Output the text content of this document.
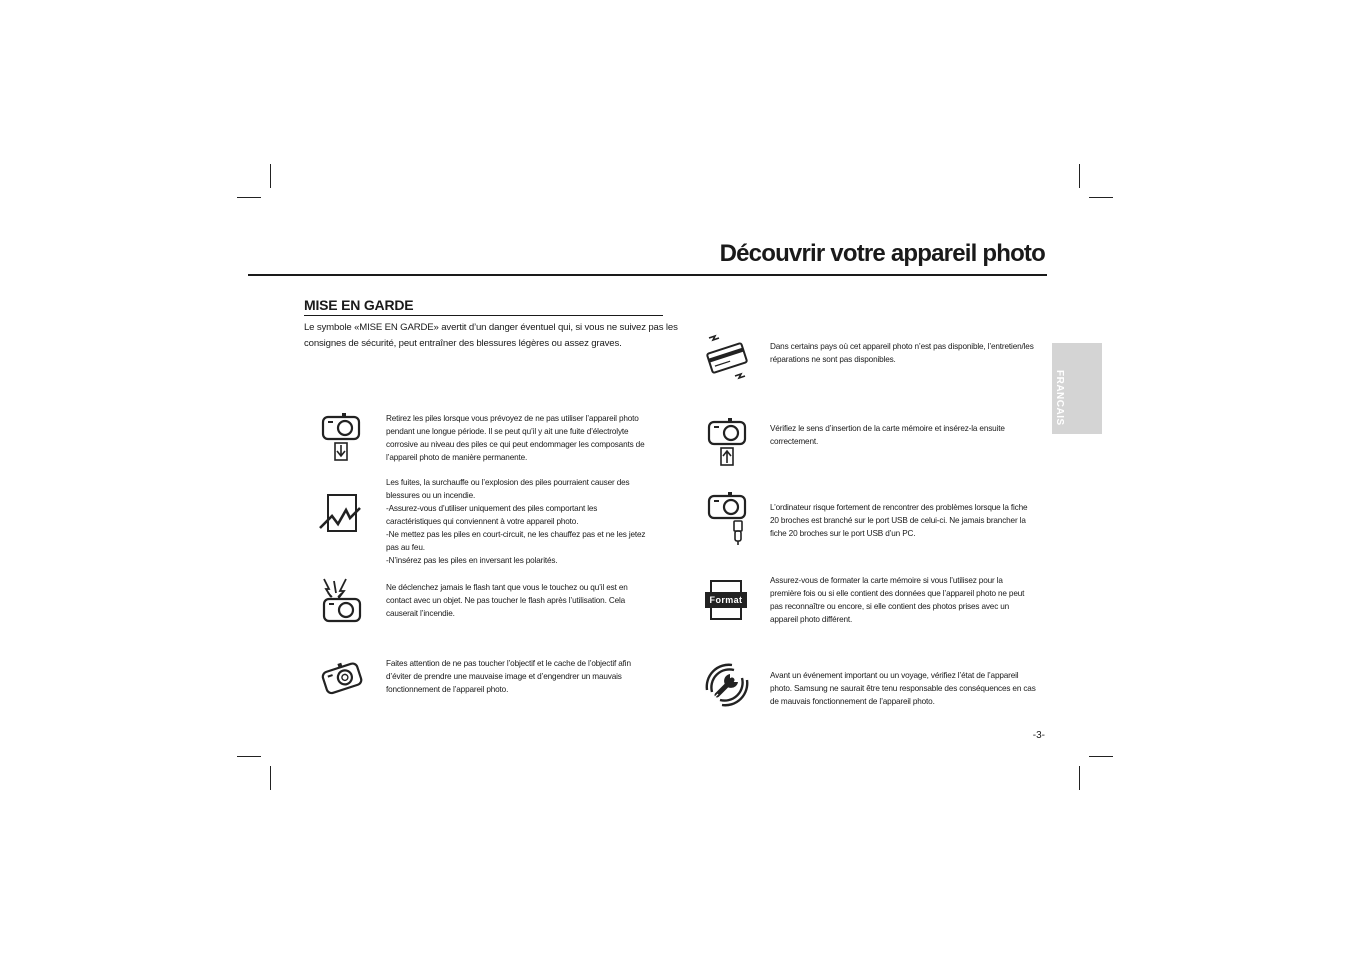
Découvrir votre appareil photo
FRANCAIS
MISE EN GARDE
Le symbole «MISE EN GARDE» avertit d’un danger éventuel qui, si vous ne suivez pas les consignes de sécurité, peut entraîner des blessures légères ou assez graves.
Retirez les piles lorsque vous prévoyez de ne pas utiliser l’appareil photo
pendant une longue période. Il se peut qu’il y ait une fuite d’électrolyte
corrosive au niveau des piles ce qui peut endommager les composants de
l’appareil photo de manière permanente.
Les fuites, la surchauffe ou l’explosion des piles pourraient causer des
blessures ou un incendie.
-Assurez-vous d’utiliser uniquement des piles comportant les
caractéristiques qui conviennent à votre appareil photo.
-Ne mettez pas les piles en court-circuit, ne les chauffez pas et ne les jetez
pas au feu.
-N’insérez pas les piles en inversant les polarités.
Ne déclenchez jamais le flash tant que vous le touchez ou qu’il est en
contact avec un objet. Ne pas toucher le flash après l’utilisation. Cela
causerait l’incendie.
Faites attention de ne pas toucher l’objectif et le cache de l’objectif afin
d’éviter de prendre une mauvaise image et d’engendrer un mauvais
fonctionnement de l’appareil photo.
Dans certains pays où cet appareil photo n’est pas disponible, l’entretien/les
réparations ne sont pas disponibles.
Vérifiez le sens d’insertion de la carte mémoire et insérez-la ensuite
correctement.
L’ordinateur risque fortement de rencontrer des problèmes lorsque la fiche
20 broches est branché sur le port USB de celui-ci. Ne jamais brancher la
fiche 20 broches sur le port USB d’un PC.
Format
Assurez-vous de formater la carte mémoire si vous l’utilisez pour la
première fois ou si elle contient des données que l’appareil photo ne peut
pas reconnaître ou encore, si elle contient des photos prises avec un
appareil photo différent.
Avant un événement important ou un voyage, vérifiez l’état de l’appareil
photo. Samsung ne saurait être tenu responsable des conséquences en cas
de mauvais fonctionnement de l’appareil photo.
-3-
